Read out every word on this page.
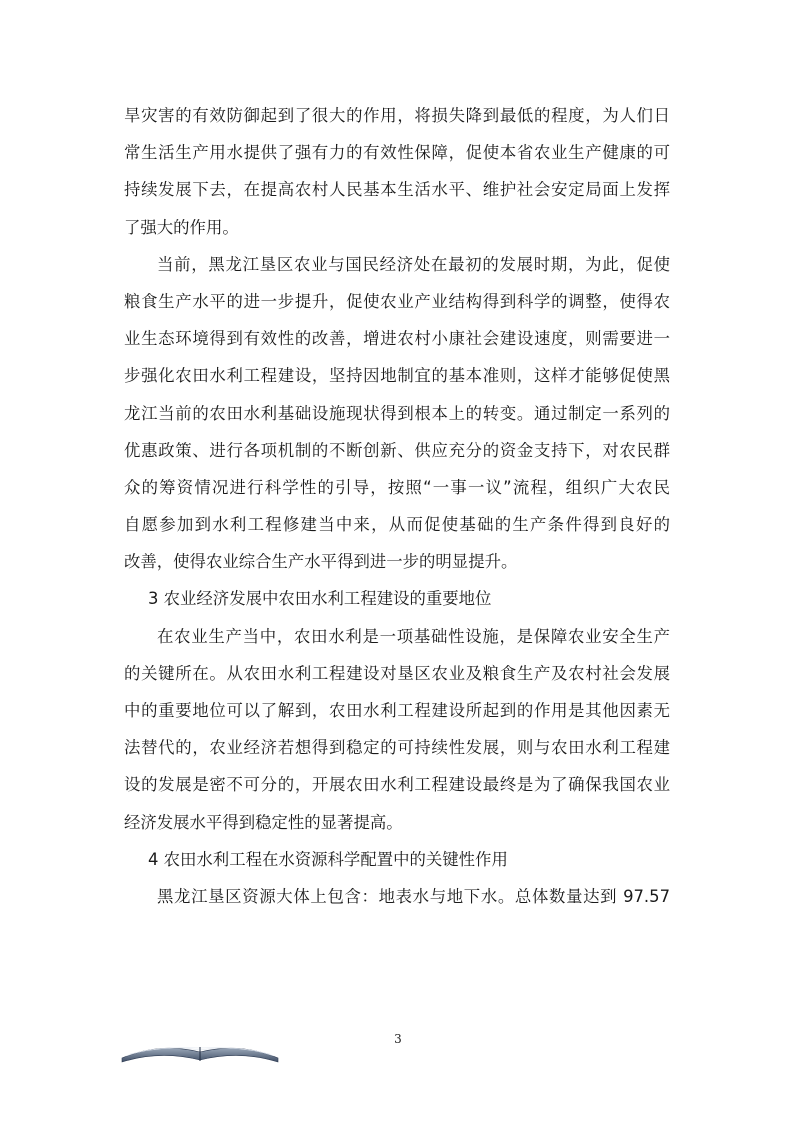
旱灾害的有效防御起到了很大的作用，将损失降到最低的程度，为人们日
常生活生产用水提供了强有力的有效性保障，促使本省农业生产健康的可
持续发展下去，在提高农村人民基本生活水平、维护社会安定局面上发挥
了强大的作用。
当前，黑龙江垦区农业与国民经济处在最初的发展时期，为此，促使
粮食生产水平的进一步提升，促使农业产业结构得到科学的调整，使得农
业生态环境得到有效性的改善，增进农村小康社会建设速度，则需要进一
步强化农田水利工程建设，坚持因地制宜的基本准则，这样才能够促使黑
龙江当前的农田水利基础设施现状得到根本上的转变。通过制定一系列的
优惠政策、进行各项机制的不断创新、供应充分的资金支持下，对农民群
众的筹资情况进行科学性的引导，按照“一事一议”流程，组织广大农民
自愿参加到水利工程修建当中来，从而促使基础的生产条件得到良好的
改善，使得农业综合生产水平得到进一步的明显提升。
3 农业经济发展中农田水利工程建设的重要地位
在农业生产当中，农田水利是一项基础性设施，是保障农业安全生产
的关键所在。从农田水利工程建设对垦区农业及粮食生产及农村社会发展
中的重要地位可以了解到，农田水利工程建设所起到的作用是其他因素无
法替代的，农业经济若想得到稳定的可持续性发展，则与农田水利工程建
设的发展是密不可分的，开展农田水利工程建设最终是为了确保我国农业
经济发展水平得到稳定性的显著提高。
4 农田水利工程在水资源科学配置中的关键性作用
黑龙江垦区资源大体上包含：地表水与地下水。总体数量达到 97.57
3
